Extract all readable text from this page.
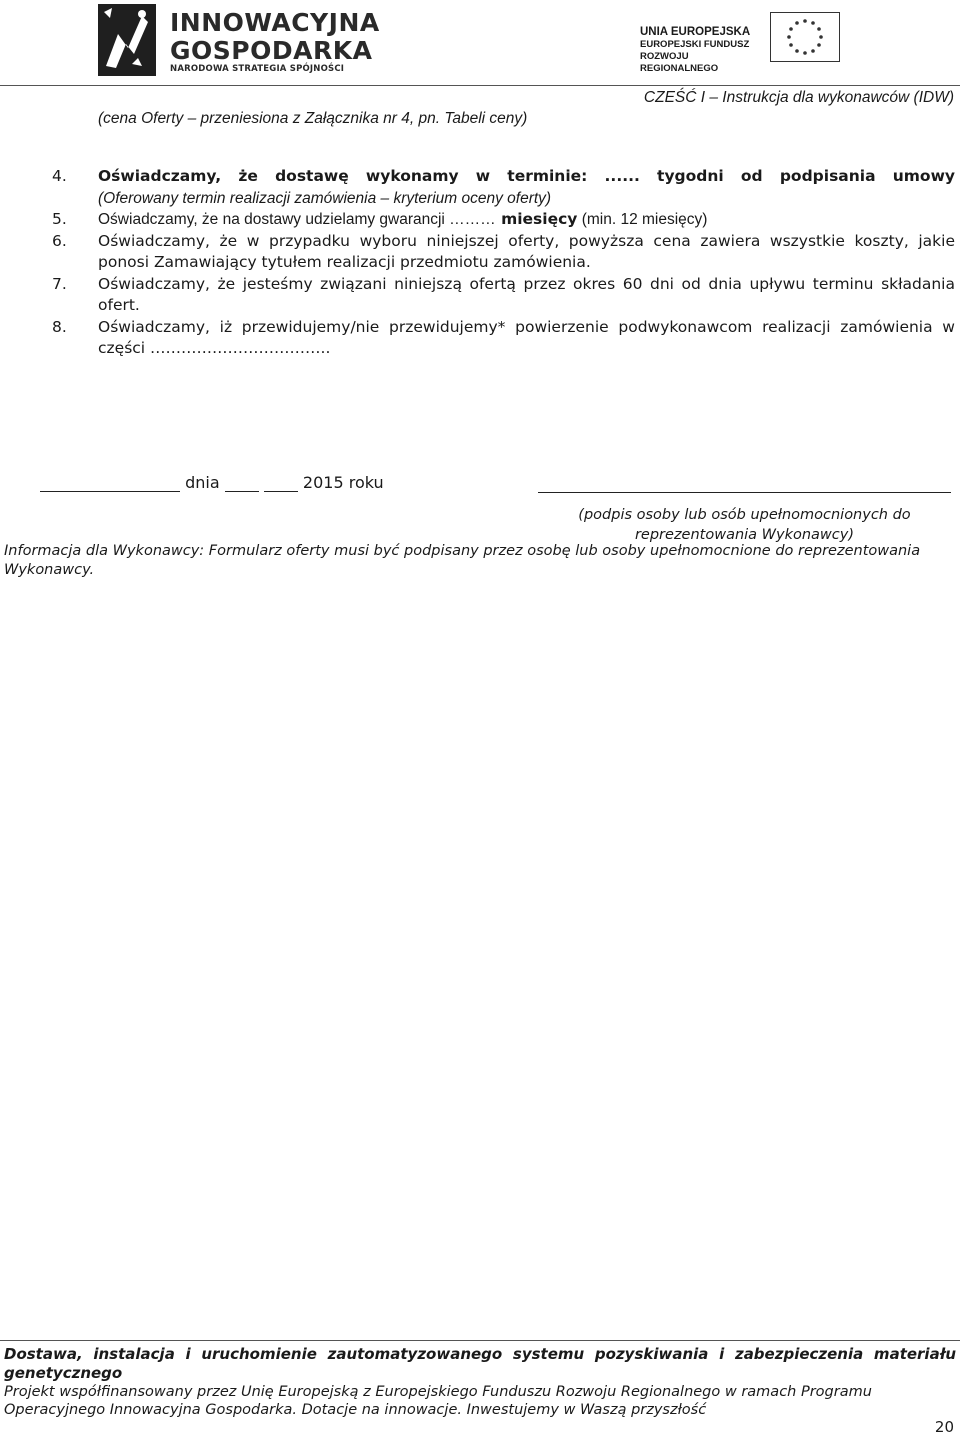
INNOWACYJNA
GOSPODARKA
NARODOWA STRATEGIA SPÓJNOŚCI
UNIA EUROPEJSKA
EUROPEJSKI FUNDUSZ
ROZWOJU REGIONALNEGO
CZEŚĆ I – Instrukcja dla wykonawców (IDW)
(cena Oferty – przeniesiona z Załącznika nr 4, pn. Tabeli ceny)
4. Oświadczamy, że dostawę wykonamy w terminie: ...... tygodni od podpisania umowy
(Oferowany termin realizacji zamówienia – kryterium oceny oferty)
5. Oświadczamy, że na dostawy udzielamy gwarancji ……… miesięcy (min. 12 miesięcy)
6. Oświadczamy, że w przypadku wyboru niniejszej oferty, powyższa cena zawiera wszystkie koszty, jakie ponosi Zamawiający tytułem realizacji przedmiotu zamówienia.
7. Oświadczamy, że jesteśmy związani niniejszą ofertą przez okres 60 dni od dnia upływu terminu składania ofert.
8. Oświadczamy, iż przewidujemy/nie przewidujemy* powierzenie podwykonawcom realizacji zamówienia w części ……………………………..
dnia	2015 roku
(podpis osoby lub osób upełnomocnionych do reprezentowania Wykonawcy)
Informacja dla Wykonawcy: Formularz oferty musi być podpisany przez osobę lub osoby upełnomocnione do reprezentowania Wykonawcy.
Dostawa, instalacja i uruchomienie zautomatyzowanego systemu pozyskiwania i zabezpieczenia materiału genetycznego
Projekt współfinansowany przez Unię Europejską z Europejskiego Funduszu Rozwoju Regionalnego w ramach Programu Operacyjnego Innowacyjna Gospodarka. Dotacje na innowacje. Inwestujemy w Waszą przyszłość
20
